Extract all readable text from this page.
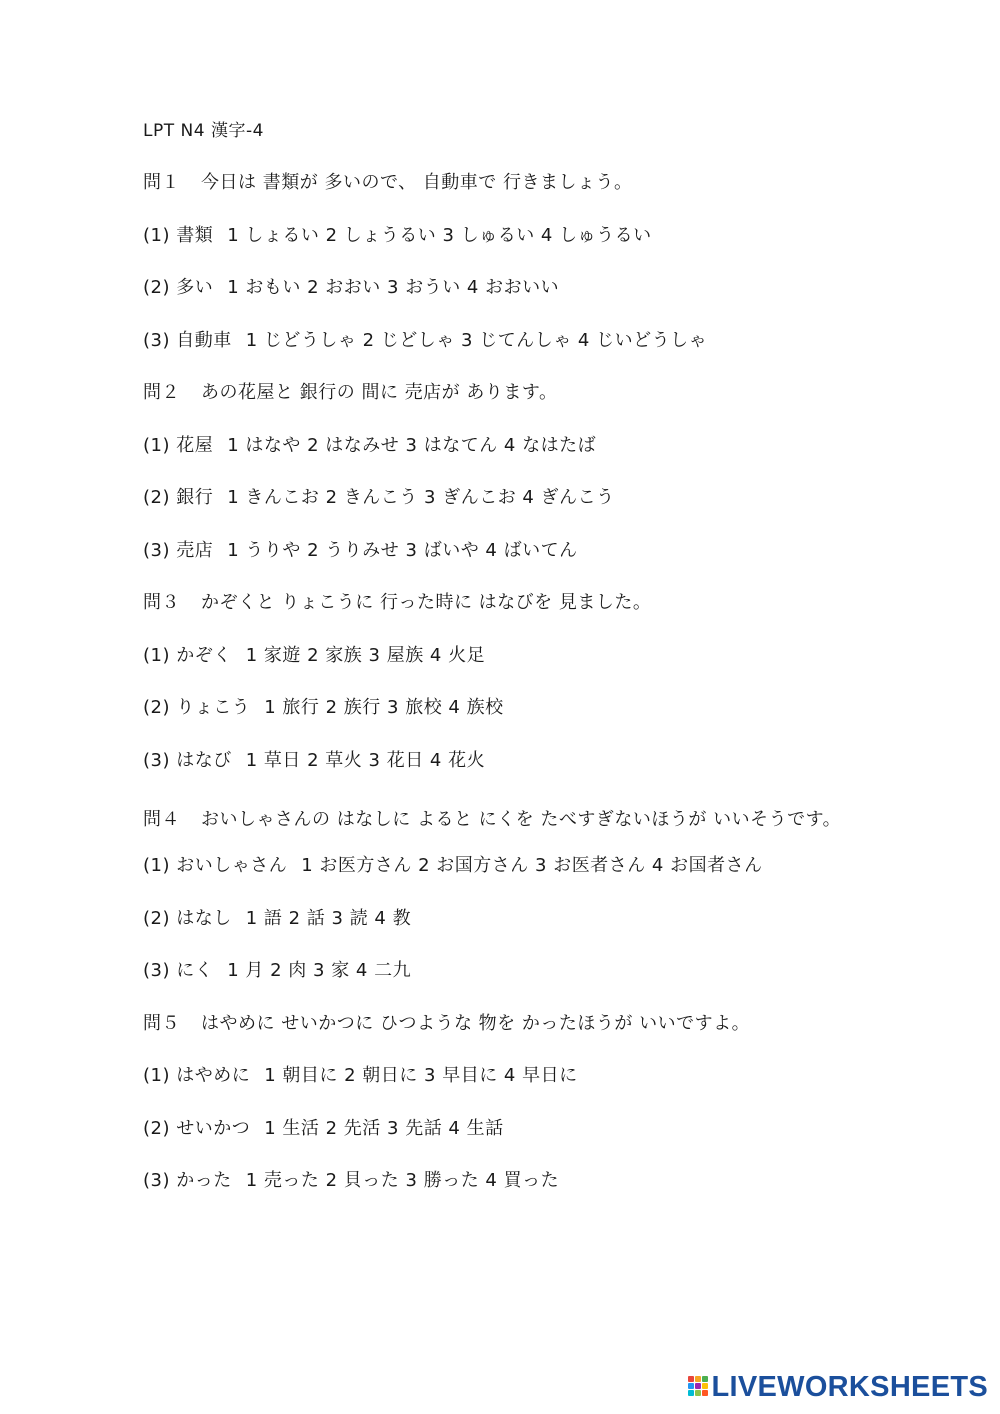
LPT N4 漢字-4
問１ 今日は 書類が 多いので、 自動車で 行きましょう。
(1) 書類 1 しょるい 2 しょうるい 3 しゅるい 4 しゅうるい
(2) 多い 1 おもい 2 おおい 3 おうい 4 おおいい
(3) 自動車 1 じどうしゃ 2 じどしゃ 3 じてんしゃ 4 じいどうしゃ
問２ あの花屋と 銀行の 間に 売店が あります。
(1) 花屋 1 はなや 2 はなみせ 3 はなてん 4 なはたば
(2) 銀行 1 きんこお 2 きんこう 3 ぎんこお 4 ぎんこう
(3) 売店 1 うりや 2 うりみせ 3 ばいや 4 ばいてん
問３ かぞくと りょこうに 行った時に はなびを 見ました。
(1) かぞく 1 家遊 2 家族 3 屋族 4 火足
(2) りょこう 1 旅行 2 族行 3 旅校 4 族校
(3) はなび 1 草日 2 草火 3 花日 4 花火
問４ おいしゃさんの はなしに よると にくを たべすぎないほうが いいそうです。
(1) おいしゃさん 1 お医方さん 2 お国方さん 3 お医者さん 4 お国者さん
(2) はなし 1 語 2 話 3 読 4 教
(3) にく 1 月 2 肉 3 家 4 二九
問５ はやめに せいかつに ひつような 物を かったほうが いいですよ。
(1) はやめに 1 朝目に 2 朝日に 3 早目に 4 早日に
(2) せいかつ 1 生活 2 先活 3 先話 4 生話
(3) かった 1 売った 2 貝った 3 勝った 4 買った
LIVEWORKSHEETS
